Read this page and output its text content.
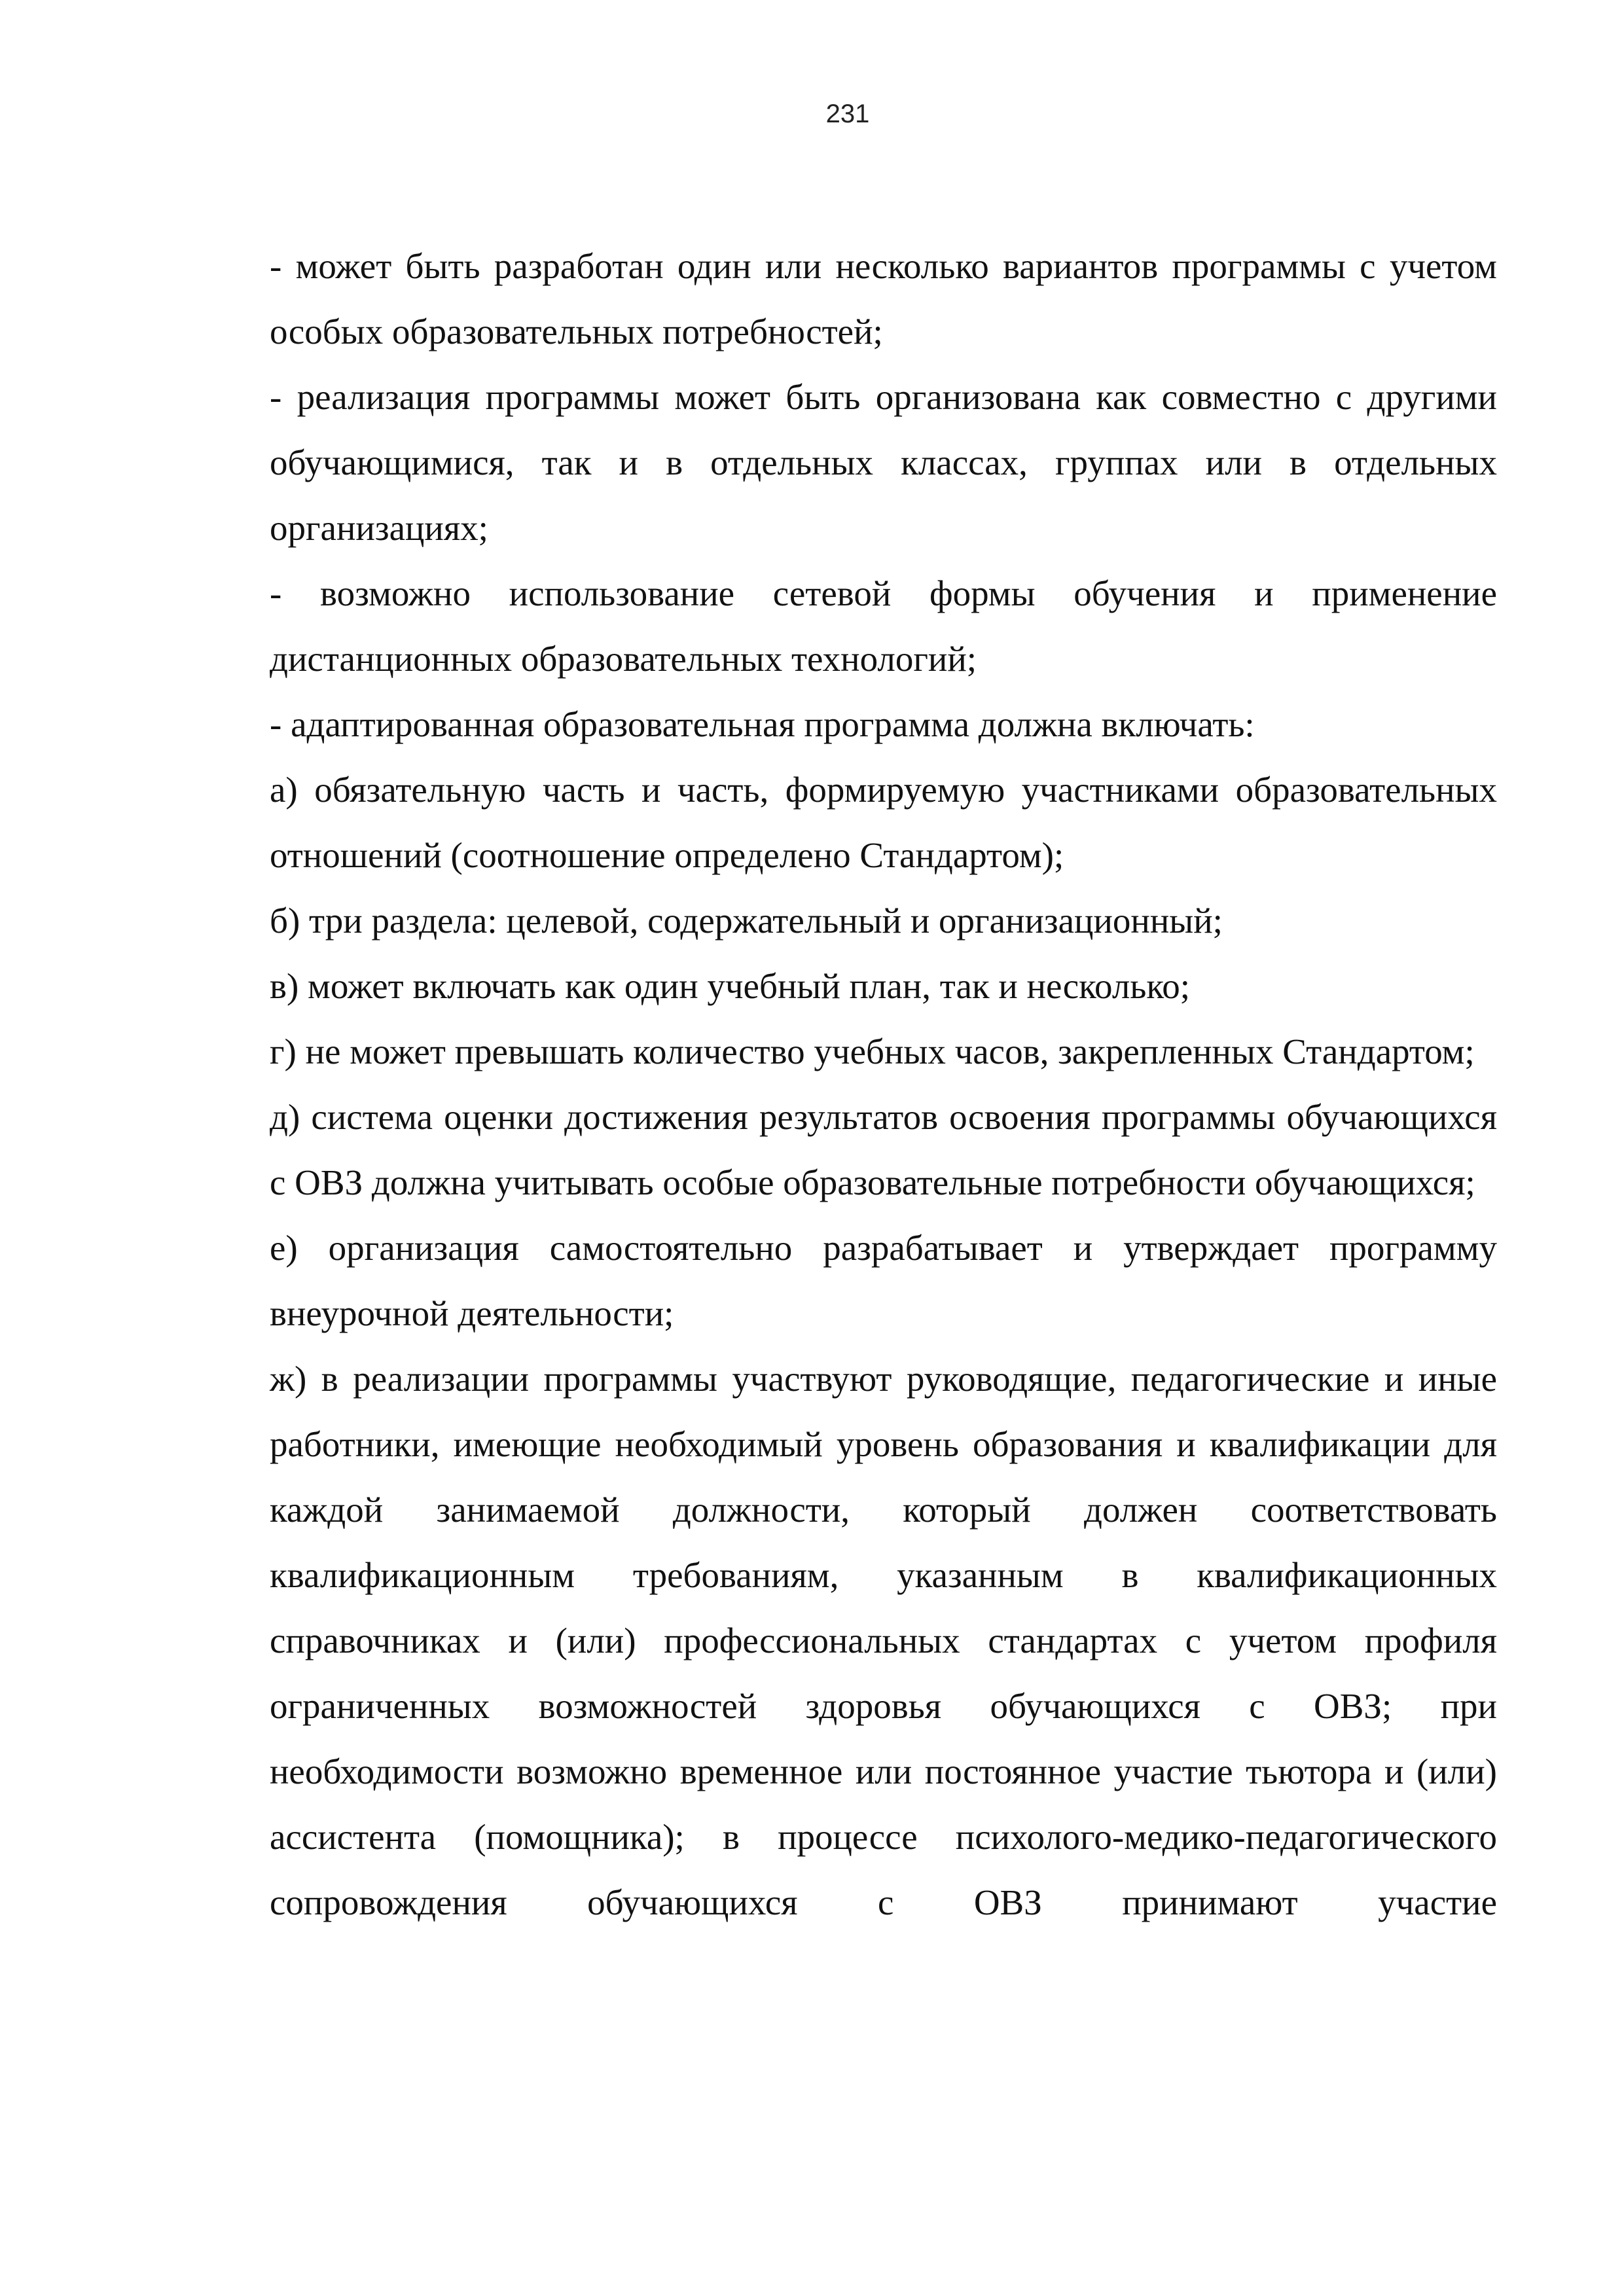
231

- может быть разработан один или несколько вариантов программы с учетом особых образовательных потребностей;

- реализация программы может быть организована как совместно с другими обучающимися, так и в отдельных классах, группах или в отдельных организациях;

- возможно использование сетевой формы обучения и применение дистанционных образовательных технологий;

- адаптированная образовательная программа должна включать:

а) обязательную часть и часть, формируемую участниками образовательных отношений (соотношение определено Стандартом);

б) три раздела: целевой, содержательный и организационный;

в) может включать как один учебный план, так и несколько;

г) не может превышать количество учебных часов, закрепленных Стандартом;

д) система оценки достижения результатов освоения программы обучающихся с ОВЗ должна учитывать особые образовательные потребности обучающихся;

е) организация самостоятельно разрабатывает и утверждает программу внеурочной деятельности;

ж) в реализации программы участвуют руководящие, педагогические и иные работники, имеющие необходимый уровень образования и квалификации для каждой занимаемой должности, который должен соответствовать квалификационным требованиям, указанным в квалификационных справочниках и (или) профессиональных стандартах с учетом профиля ограниченных возможностей здоровья обучающихся с ОВЗ; при необходимости возможно временное или постоянное участие тьютора и (или) ассистента (помощника); в процессе психолого-медико-педагогического сопровождения обучающихся с ОВЗ принимают участие
